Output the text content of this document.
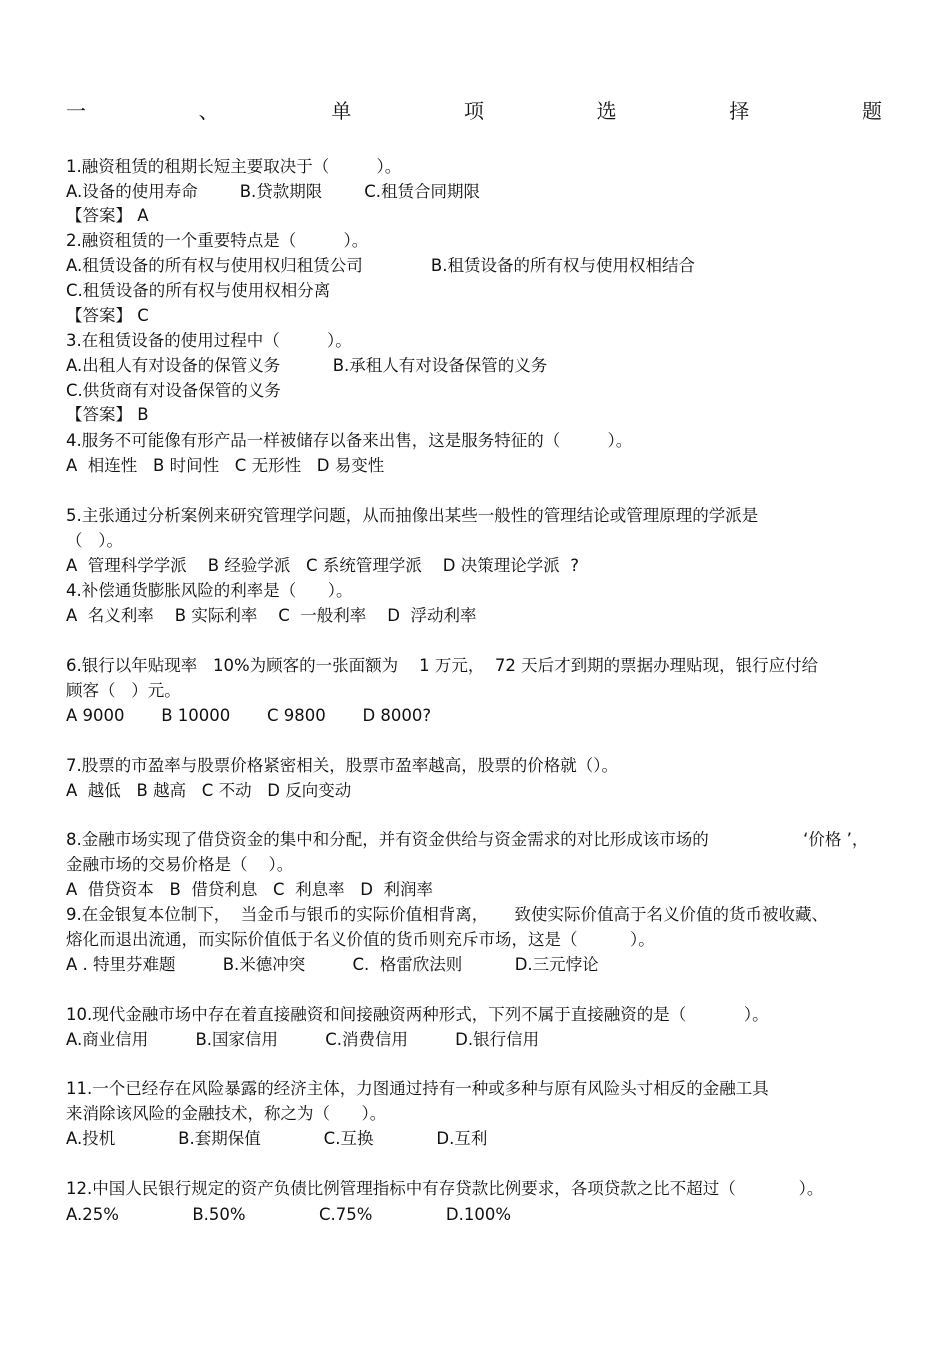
一	、	单	项	选	择	题
1.融资租赁的租期长短主要取决于（         ）。
A.设备的使用寿命        B.贷款期限        C.租赁合同期限
【答案】 A
2.融资租赁的一个重要特点是（         ）。
A.租赁设备的所有权与使用权归租赁公司             B.租赁设备的所有权与使用权相结合
C.租赁设备的所有权与使用权相分离
【答案】 C
3.在租赁设备的使用过程中（         ）。
A.出租人有对设备的保管义务          B.承租人有对设备保管的义务
C.供货商有对设备保管的义务
【答案】 B
4.服务不可能像有形产品一样被储存以备来出售，这是服务特征的（         ）。
A  相连性   B 时间性   C 无形性   D 易变性
5.主张通过分析案例来研究管理学问题，从而抽像出某些一般性的管理结论或管理原理的学派是
（   ）。
A  管理科学学派    B 经验学派   C 系统管理学派    D 决策理论学派  ?
4.补偿通货膨胀风险的利率是（      ）。
A  名义利率    B 实际利率    C  一般利率    D  浮动利率
6.银行以年贴现率   10%为顾客的一张面额为    1 万元，  72 天后才到期的票据办理贴现，银行应付给
顾客（   ）元。
A 9000       B 10000       C 9800       D 8000?
7.股票的市盈率与股票价格紧密相关，股票市盈率越高，股票的价格就（）。
A  越低   B 越高   C 不动   D 反向变动
8.金融市场实现了借贷资金的集中和分配，并有资金供给与资金需求的对比形成该市场的                  ‘价格 ’，
金融市场的交易价格是（    ）。
A  借贷资本   B  借贷利息   C  利息率   D  利润率
9.在金银复本位制下，  当金币与银币的实际价值相背离，     致使实际价值高于名义价值的货币被收藏、
熔化而退出流通，而实际价值低于名义价值的货币则充斥市场，这是（          ）。
A . 特里芬难题         B.米德冲突         C.  格雷欣法则          D.三元悖论
10.现代金融市场中存在着直接融资和间接融资两种形式，下列不属于直接融资的是（           ）。
A.商业信用         B.国家信用         C.消费信用         D.银行信用
11.一个已经存在风险暴露的经济主体，力图通过持有一种或多种与原有风险头寸相反的金融工具
来消除该风险的金融技术，称之为（      ）。
A.投机            B.套期保值            C.互换            D.互利
12.中国人民银行规定的资产负债比例管理指标中有存贷款比例要求，各项贷款之比不超过（            ）。
A.25%              B.50%              C.75%              D.100%
